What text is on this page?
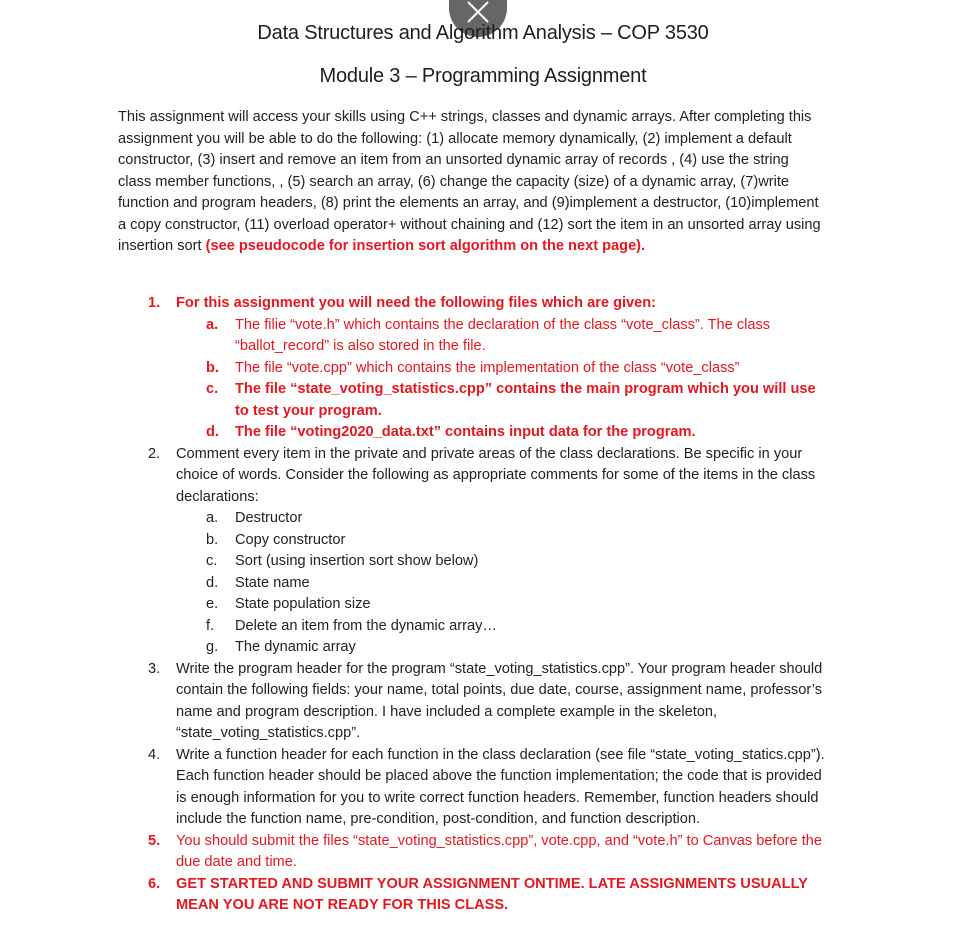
Data Structures and Algorithm Analysis – COP 3530
Module 3 – Programming Assignment

This assignment will access your skills using C++ strings, classes and dynamic arrays. After completing this assignment you will be able to do the following: (1) allocate memory dynamically, (2) implement a default constructor, (3) insert and remove an item from an unsorted dynamic array of records , (4) use the string class member functions, , (5) search an array, (6) change the capacity (size) of a dynamic array, (7)write function and program headers, (8) print the elements an array, and (9)implement a destructor, (10)implement a copy constructor, (11) overload operator+ without chaining and (12) sort the item in an unsorted array using insertion sort (see pseudocode for insertion sort algorithm on the next page).

1. For this assignment you will need the following files which are given:
a. The filie “vote.h” which contains the declaration of the class “vote_class”. The class “ballot_record” is also stored in the file.
b. The file “vote.cpp” which contains the implementation of the class “vote_class”
c. The file “state_voting_statistics.cpp” contains the main program which you will use to test your program.
d. The file “voting2020_data.txt” contains input data for the program.
2. Comment every item in the private and private areas of the class declarations. Be specific in your choice of words. Consider the following as appropriate comments for some of the items in the class declarations:
a. Destructor
b. Copy constructor
c. Sort (using insertion sort show below)
d. State name
e. State population size
f. Delete an item from the dynamic array…
g. The dynamic array
3. Write the program header for the program “state_voting_statistics.cpp”. Your program header should contain the following fields: your name, total points, due date, course, assignment name, professor’s name and program description. I have included a complete example in the skeleton, “state_voting_statistics.cpp”.
4. Write a function header for each function in the class declaration (see file “state_voting_statics.cpp”). Each function header should be placed above the function implementation; the code that is provided is enough information for you to write correct function headers. Remember, function headers should include the function name, pre-condition, post-condition, and function description.
5. You should submit the files “state_voting_statistics.cpp”, vote.cpp, and “vote.h” to Canvas before the due date and time.
6. GET STARTED AND SUBMIT YOUR ASSIGNMENT ONTIME. LATE ASSIGNMENTS USUALLY MEAN YOU ARE NOT READY FOR THIS CLASS.
